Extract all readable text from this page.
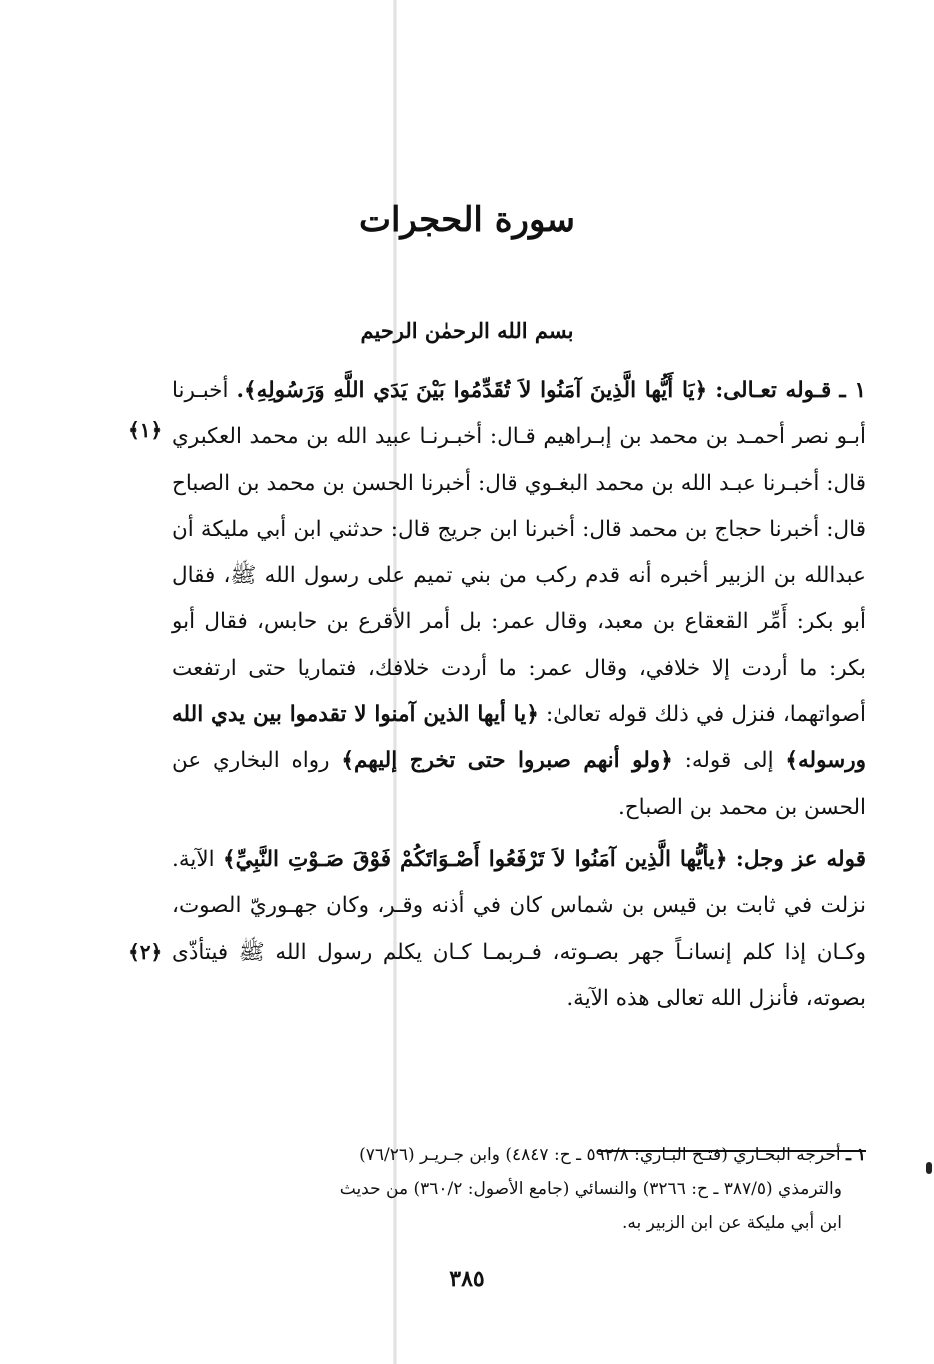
سورة الحجرات
بسم الله الرحمٰن الرحيم
﴿١﴾
﴿٢﴾

١ ـ قـوله تعـالى: ﴿يَا أَيُّها الَّذِينَ آمَنُوا لاَ تُقَدِّمُوا بَيْنَ يَدَي اللَّهِ وَرَسُولِهِ﴾. أخبـرنا أبـو نصر أحمـد بن محمد بن إبـراهيم قـال: أخبـرنـا عبيد الله بن محمد العكبري قال: أخبـرنا عبـد الله بن محمد البغـوي قال: أخبرنا الحسن بن محمد بن الصباح قال: أخبرنا حجاج بن محمد قال: أخبرنا ابن جريج قال: حدثني ابن أبي مليكة أن عبدالله بن الزبير أخبره أنه قدم ركب من بني تميم على رسول الله ﷺ، فقال أبو بكر: أَمِّر القعقاع بن معبد، وقال عمر: بل أمر الأقرع بن حابس، فقال أبو بكر: ما أردت إلا خلافي، وقال عمر: ما أردت خلافك، فتماريا حتى ارتفعت أصواتهما، فنزل في ذلك قوله تعالىٰ: ﴿يا أيها الذين آمنوا لا تقدموا بين يدي الله ورسوله﴾ إلى قوله: ﴿ولو أنهم صبروا حتى تخرج إليهم﴾ رواه البخاري عن الحسن بن محمد بن الصباح.

قوله عز وجل: ﴿يأيُّها الَّذِين آمَنُوا لاَ تَرْفَعُوا أَصْـوَاتَكُمْ فَوْقَ صَـوْتِ النَّبِيِّ﴾ الآية. نزلت في ثابت بن قيس بن شماس كان في أذنه وقـر، وكان جهـوريّ الصوت، وكـان إذا كلم إنسانـاً جهر بصـوته، فـربمـا كـان يكلم رسول الله ﷺ فيتأذّى بصوته، فأنزل الله تعالى هذه الآية.

١ ـ أخرجه البخـاري (فتـح البـاري: ٥٩٢/٨ ـ ح: ٤٨٤٧) وابن جـريـر (٧٦/٢٦)
والترمذي (٣٨٧/٥ ـ ح: ٣٢٦٦) والنسائي (جامع الأصول: ٣٦٠/٢) من حديث
ابن أبي مليكة عن ابن الزبير به.
٣٨٥
